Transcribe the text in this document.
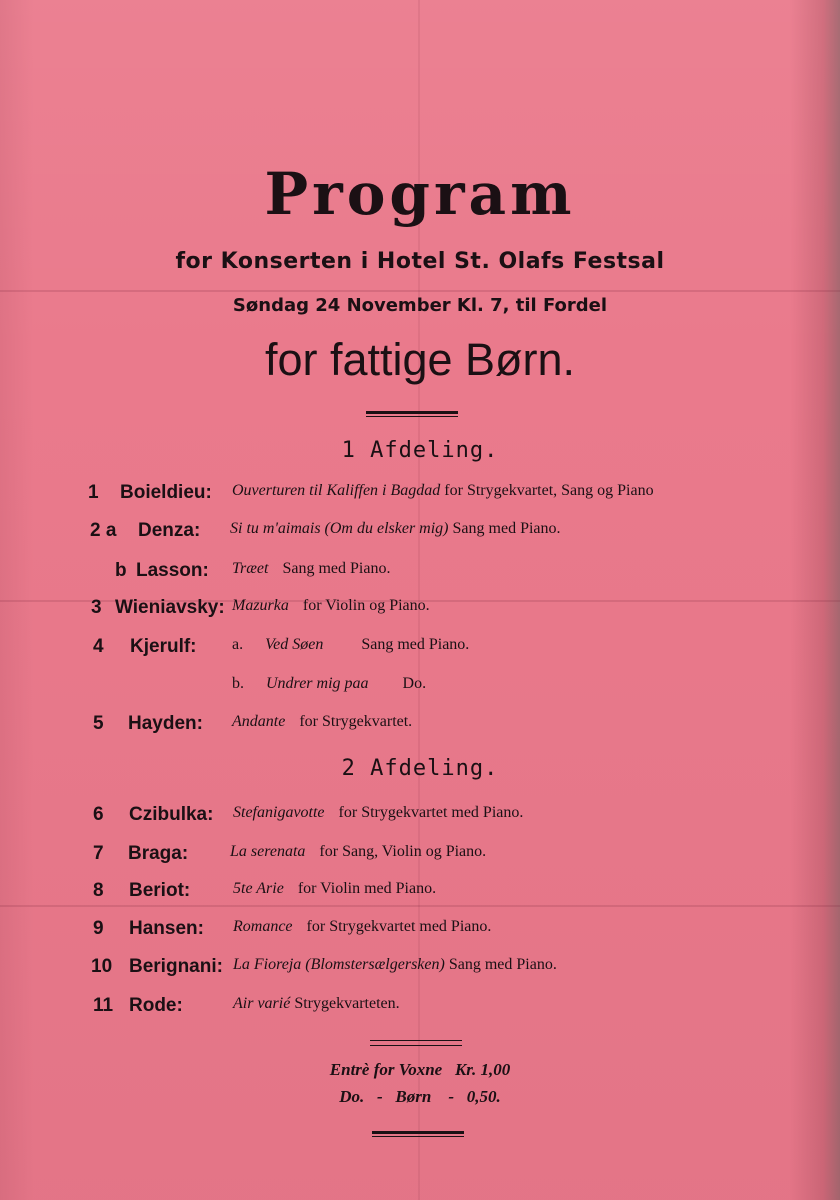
Program
for Konserten i Hotel St. Olafs Festsal
Søndag 24 November Kl. 7, til Fordel
for fattige Børn.
1 Afdeling.
1 Boieldieu: Ouverturen til Kaliffen i Bagdad for Strygekvartet, Sang og Piano
2 a Denza: Si tu m'aimais (Om du elsker mig) Sang med Piano.
b Lasson: Træet Sang med Piano.
3 Wieniavsky: Mazurka for Violin og Piano.
4 Kjerulf: a. Ved Søen Sang med Piano.
b. Undrer mig paa Do.
5 Hayden: Andante for Strygekvartet.
2 Afdeling.
6 Czibulka: Stefanigavotte for Strygekvartet med Piano.
7 Braga:	La serenata for Sang, Violin og Piano.
8 Beriot:	5te Arie for Violin med Piano.
9 Hansen: Romance for Strygekvartet med Piano.
10 Berignani: La Fioreja (Blomstersælgersken) Sang med Piano.
11 Rode:	Air varié Strygekvarteten.
Entrè for Voxne   Kr. 1,00
Do.   -   Børn    -   0,50.
